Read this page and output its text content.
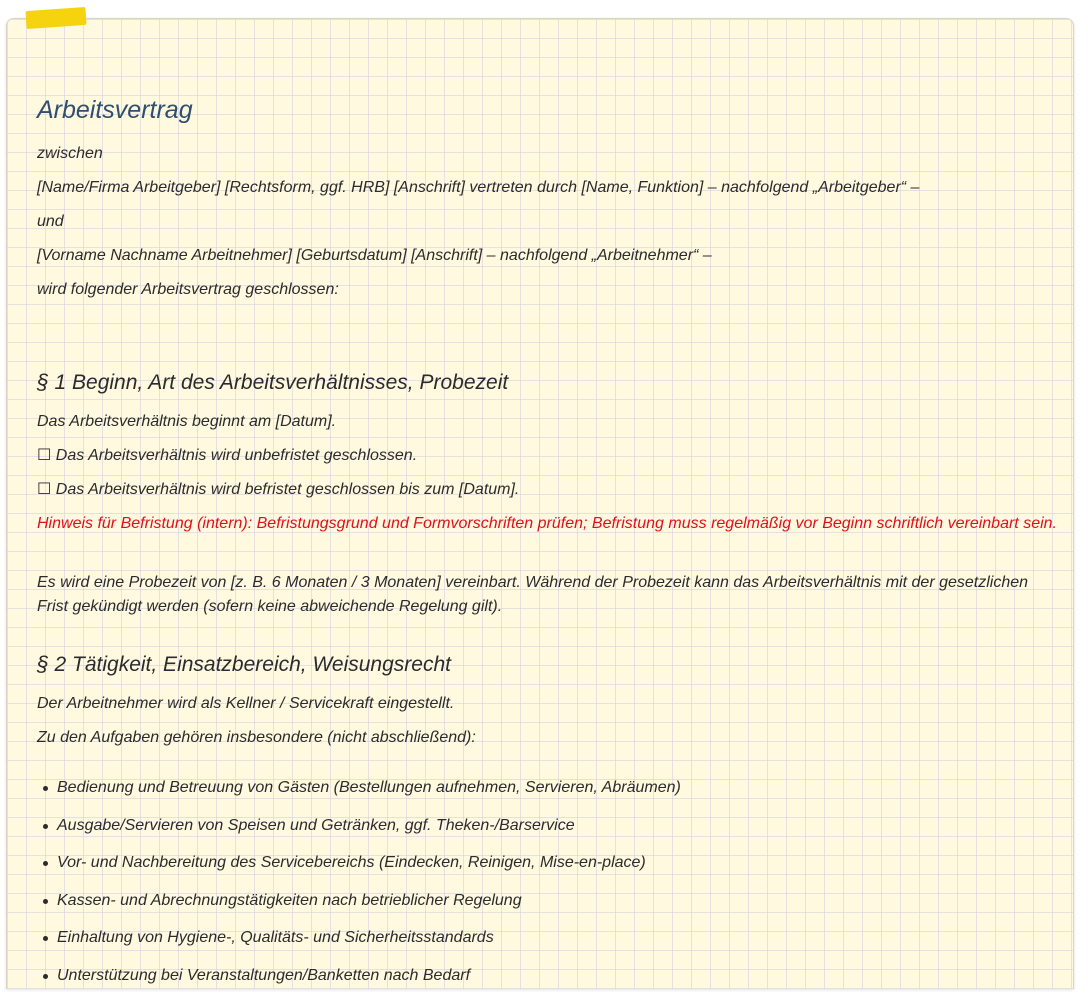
Arbeitsvertrag

zwischen

[Name/Firma Arbeitgeber] [Rechtsform, ggf. HRB] [Anschrift] vertreten durch [Name, Funktion] – nachfolgend „Arbeitgeber“ –

und

[Vorname Nachname Arbeitnehmer] [Geburtsdatum] [Anschrift] – nachfolgend „Arbeitnehmer“ –

wird folgender Arbeitsvertrag geschlossen:

§ 1 Beginn, Art des Arbeitsverhältnisses, Probezeit

Das Arbeitsverhältnis beginnt am [Datum].

☐ Das Arbeitsverhältnis wird unbefristet geschlossen.

☐ Das Arbeitsverhältnis wird befristet geschlossen bis zum [Datum].

Hinweis für Befristung (intern): Befristungsgrund und Formvorschriften prüfen; Befristung muss regelmäßig vor Beginn schriftlich vereinbart sein.

Es wird eine Probezeit von [z. B. 6 Monaten / 3 Monaten] vereinbart. Während der Probezeit kann das Arbeitsverhältnis mit der gesetzlichen Frist gekündigt werden (sofern keine abweichende Regelung gilt).

§ 2 Tätigkeit, Einsatzbereich, Weisungsrecht

Der Arbeitnehmer wird als Kellner / Servicekraft eingestellt.

Zu den Aufgaben gehören insbesondere (nicht abschließend):

Bedienung und Betreuung von Gästen (Bestellungen aufnehmen, Servieren, Abräumen)
Ausgabe/Servieren von Speisen und Getränken, ggf. Theken-/Barservice
Vor- und Nachbereitung des Servicebereichs (Eindecken, Reinigen, Mise-en-place)
Kassen- und Abrechnungstätigkeiten nach betrieblicher Regelung
Einhaltung von Hygiene-, Qualitäts- und Sicherheitsstandards
Unterstützung bei Veranstaltungen/Banketten nach Bedarf
